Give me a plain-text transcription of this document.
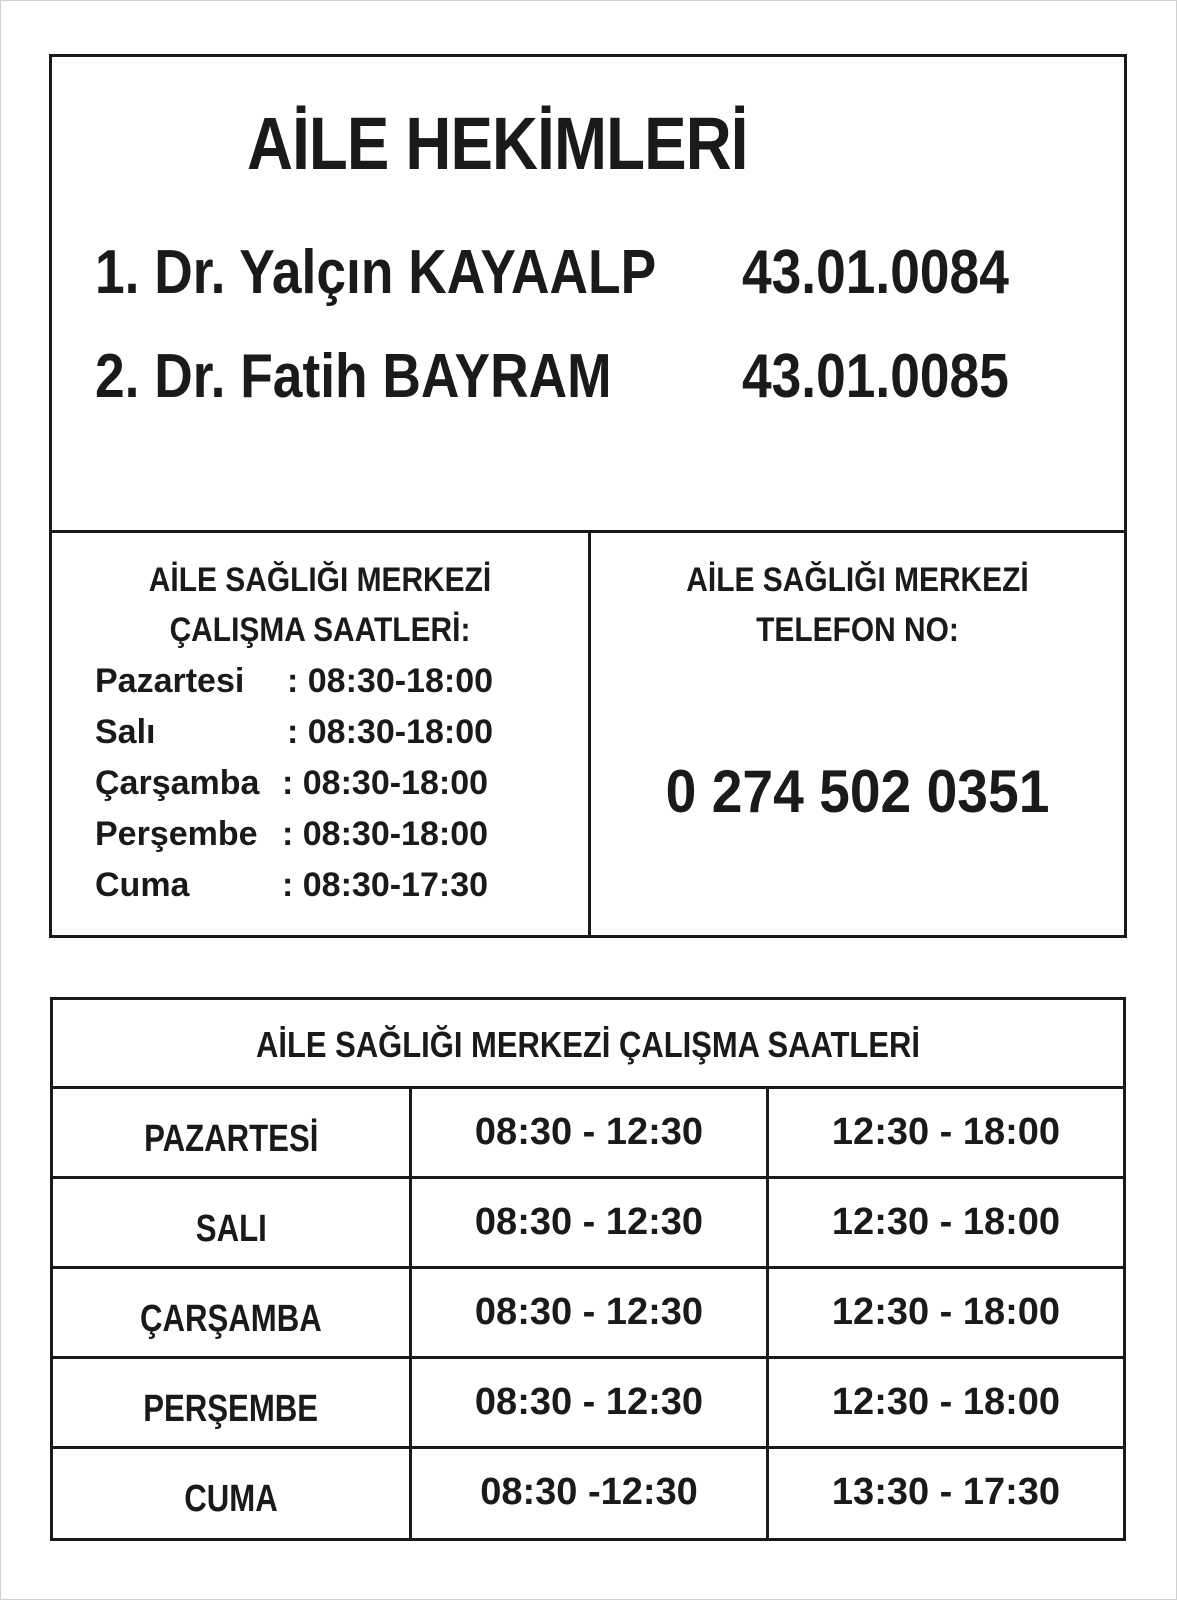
AİLE HEKİMLERİ
1. Dr. Yalçın KAYAALP 43.01.0084
2. Dr. Fatih BAYRAM 43.01.0085
AİLE SAĞLIĞI MERKEZİ
ÇALIŞMA SAATLERİ:
Pazartesi : 08:30-18:00
Salı	: 08:30-18:00
Çarşamba : 08:30-18:00
Perşembe : 08:30-18:00
Cuma	: 08:30-17:30
AİLE SAĞLIĞI MERKEZİ
TELEFON NO:
0 274 502 0351
AİLE SAĞLIĞI MERKEZİ ÇALIŞMA SAATLERİ
PAZARTESİ	08:30 - 12:30	12:30 - 18:00
SALI	08:30 - 12:30	12:30 - 18:00
ÇARŞAMBA	08:30 - 12:30	12:30 - 18:00
PERŞEMBE	08:30 - 12:30	12:30 - 18:00
CUMA	08:30 -12:30	13:30 - 17:30
